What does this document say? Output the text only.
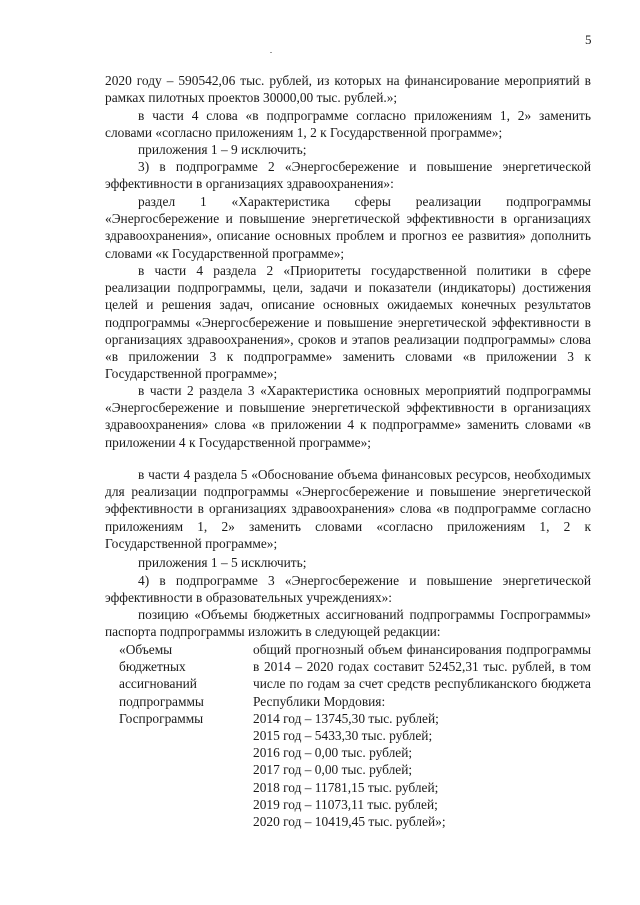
5

2020 году – 590542,06 тыс. рублей, из которых на финансирование мероприятий в рамках пилотных проектов 30000,00 тыс. рублей.»;

в части 4 слова «в подпрограмме согласно приложениям 1, 2» заменить словами «согласно приложениям 1, 2 к Государственной программе»;

приложения 1 – 9 исключить;

3) в подпрограмме 2 «Энергосбережение и повышение энергетической эффективности в организациях здравоохранения»:

раздел 1 «Характеристика сферы реализации подпрограммы «Энергосбережение и повышение энергетической эффективности в организациях здравоохранения», описание основных проблем и прогноз ее развития» дополнить словами «к Государственной программе»;

в части 4 раздела 2 «Приоритеты государственной политики в сфере реализации подпрограммы, цели, задачи и показатели (индикаторы) достижения целей и решения задач, описание основных ожидаемых конечных результатов подпрограммы «Энергосбережение и повышение энергетической эффективности в организациях здравоохранения», сроков и этапов реализации подпрограммы» слова «в приложении 3 к подпрограмме» заменить словами «в приложении 3 к Государственной программе»;

в части 2 раздела 3 «Характеристика основных мероприятий подпрограммы «Энергосбережение и повышение энергетической эффективности в организациях здравоохранения» слова «в приложении 4 к подпрограмме» заменить словами «в приложении 4 к Государственной программе»;

в части 4 раздела 5 «Обоснование объема финансовых ресурсов, необходимых для реализации подпрограммы «Энергосбережение и повышение энергетической эффективности в организациях здравоохранения» слова «в подпрограмме согласно приложениям 1, 2» заменить словами «согласно приложениям 1, 2 к Государственной программе»;

приложения 1 – 5 исключить;

4) в подпрограмме 3 «Энергосбережение и повышение энергетической эффективности в образовательных учреждениях»:

позицию «Объемы бюджетных ассигнований подпрограммы Госпрограммы» паспорта подпрограммы изложить в следующей редакции:

«Объемы
бюджетных
ассигнований
подпрограммы
Госпрограммы
общий прогнозный объем финансирования подпрограммы в 2014 – 2020 годах составит 52452,31 тыс. рублей, в том числе по годам за счет средств республиканского бюджета Республики Мордовия:
2014 год – 13745,30 тыс. рублей;
2015 год – 5433,30 тыс. рублей;
2016 год – 0,00 тыс. рублей;
2017 год – 0,00 тыс. рублей;
2018 год – 11781,15 тыс. рублей;
2019 год – 11073,11 тыс. рублей;
2020 год – 10419,45 тыс. рублей»;
